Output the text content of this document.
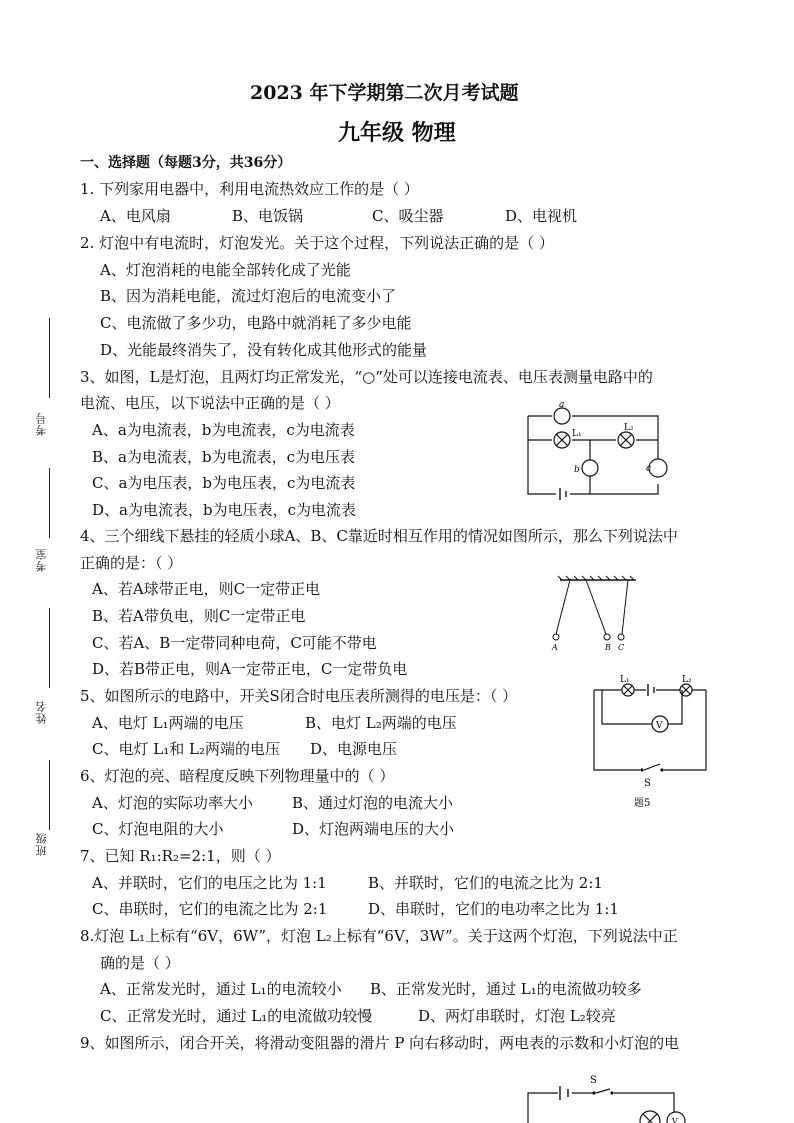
2023 年下学期第二次月考试题
九年级 物理
一、选择题（每题3分，共36分）
考号
考室
姓名
班级
1. 下列家用电器中，利用电流热效应工作的是（ ）
A、电风扇	B、电饭锅	C、吸尘器	D、电视机
2. 灯泡中有电流时，灯泡发光。关于这个过程，下列说法正确的是（ ）
A、灯泡消耗的电能全部转化成了光能
B、因为消耗电能，流过灯泡后的电流变小了
C、电流做了多少功，电路中就消耗了多少电能
D、光能最终消失了，没有转化成其他形式的能量
3、如图，L是灯泡，且两灯均正常发光，“○”处可以连接电流表、电压表测量电路中的
电流、电压，以下说法中正确的是（ ）
A、a为电流表，b为电流表，c为电流表
B、a为电流表，b为电流表，c为电压表
C、a为电压表，b为电压表，c为电流表
D、a为电流表，b为电压表，c为电流表
a
L₁
L₂
b	c
4、三个细线下悬挂的轻质小球A、B、C靠近时相互作用的情况如图所示，那么下列说法中
正确的是：（ ）
A、若A球带正电，则C一定带正电
B、若A带负电，则C一定带正电
C、若A、B一定带同种电荷，C可能不带电
D、若B带正电，则A一定带正电，C一定带负电
A	B C
5、如图所示的电路中，开关S闭合时电压表所测得的电压是：（ ）
A、电灯 L₁两端的电压	B、电灯 L₂两端的电压
C、电灯 L₁和 L₂两端的电压 D、电源电压
L₁	L₂
V
S
题5
6、灯泡的亮、暗程度反映下列物理量中的（ ）
A、灯泡的实际功率大小	B、通过灯泡的电流大小
C、灯泡电阻的大小	D、灯泡两端电压的大小
7、已知 R₁:R₂=2:1，则（ ）
A、并联时，它们的电压之比为 1:1	B、并联时，它们的电流之比为 2:1
C、串联时，它们的电流之比为 2:1	D、串联时，它们的电功率之比为 1:1
8.灯泡 L₁上标有“6V，6W”，灯泡 L₂上标有“6V，3W”。关于这两个灯泡，下列说法中正
确的是（ ）
A、正常发光时，通过 L₁的电流较小 B、正常发光时，通过 L₁的电流做功较多
C、正常发光时，通过 L₁的电流做功较慢	D、两灯串联时，灯泡 L₂较亮
9、如图所示，闭合开关，将滑动变阻器的滑片 P 向右移动时，两电表的示数和小灯泡的电
S
V
